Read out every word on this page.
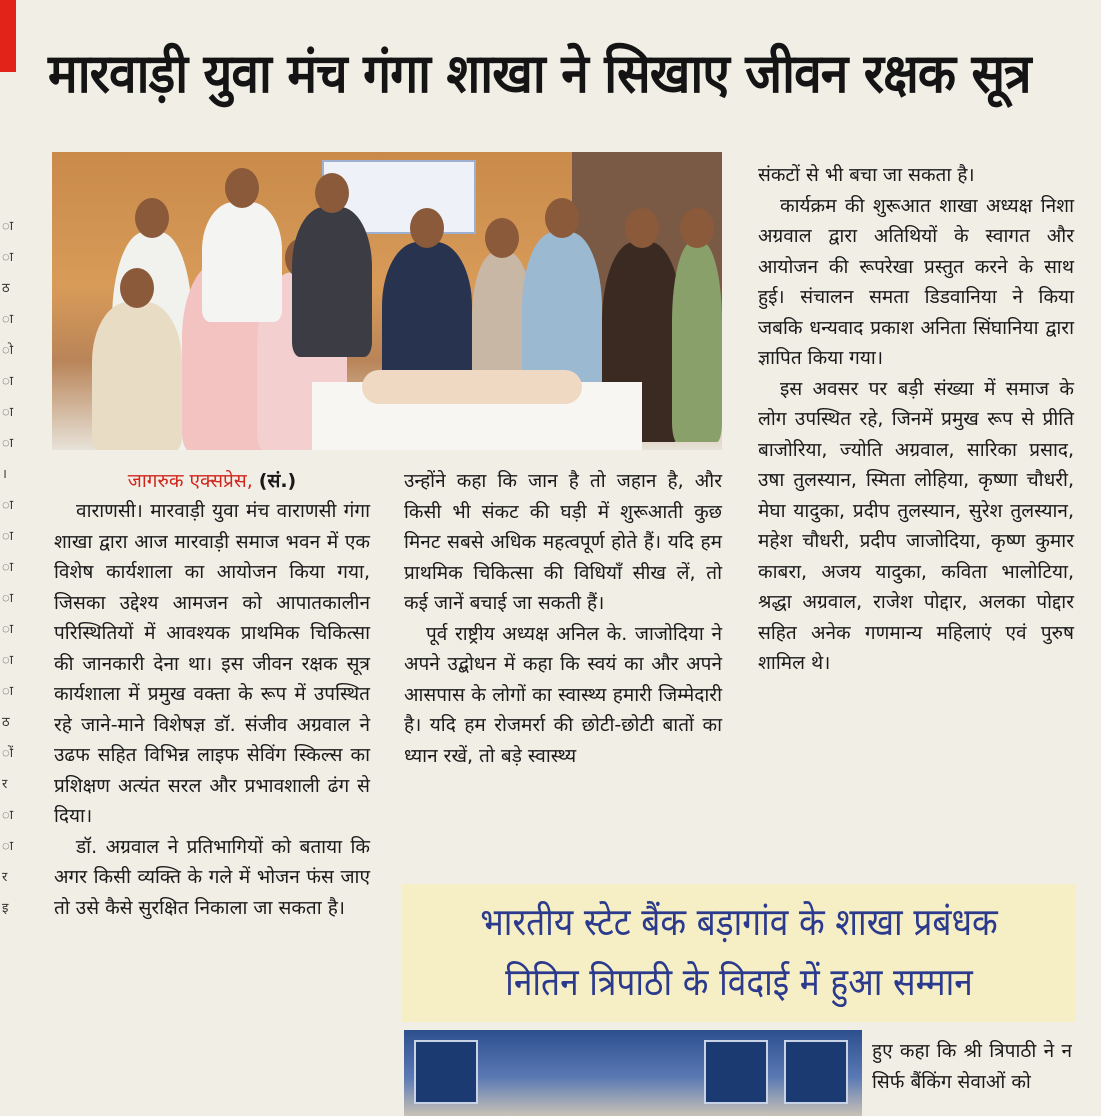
ा
ा
ठ
ा
ो
ा
ा
ा
।
ा
ा
ा
ा
ा
ा
ा
ठ
ों
र
ा
ा
र
इ
मारवाड़ी युवा मंच गंगा शाखा ने सिखाए जीवन रक्षक सूत्र

जागरुक एक्सप्रेस, (सं.)

वाराणसी। मारवाड़ी युवा मंच वाराणसी गंगा शाखा द्वारा आज मारवाड़ी समाज भवन में एक विशेष कार्यशाला का आयोजन किया गया, जिसका उद्देश्य आमजन को आपातकालीन परिस्थितियों में आवश्यक प्राथमिक चिकित्सा की जानकारी देना था। इस जीवन रक्षक सूत्र कार्यशाला में प्रमुख वक्ता के रूप में उपस्थित रहे जाने-माने विशेषज्ञ डॉ. संजीव अग्रवाल ने उढफ सहित विभिन्न लाइफ सेविंग स्किल्स का प्रशिक्षण अत्यंत सरल और प्रभावशाली ढंग से दिया।

डॉ. अग्रवाल ने प्रतिभागियों को बताया कि अगर किसी व्यक्ति के गले में भोजन फंस जाए तो उसे कैसे सुरक्षित निकाला जा सकता है।

उन्होंने कहा कि जान है तो जहान है, और किसी भी संकट की घड़ी में शुरूआती कुछ मिनट सबसे अधिक महत्वपूर्ण होते हैं। यदि हम प्राथमिक चिकित्सा की विधियाँ सीख लें, तो कई जानें बचाई जा सकती हैं।

पूर्व राष्ट्रीय अध्यक्ष अनिल के. जाजोदिया ने अपने उद्बोधन में कहा कि स्वयं का और अपने आसपास के लोगों का स्वास्थ्य हमारी जिम्मेदारी है। यदि हम रोजमर्रा की छोटी-छोटी बातों का ध्यान रखें, तो बड़े स्वास्थ्य

संकटों से भी बचा जा सकता है।

कार्यक्रम की शुरूआत शाखा अध्यक्ष निशा अग्रवाल द्वारा अतिथियों के स्वागत और आयोजन की रूपरेखा प्रस्तुत करने के साथ हुई। संचालन समता डिडवानिया ने किया जबकि धन्यवाद प्रकाश अनिता सिंघानिया द्वारा ज्ञापित किया गया।

इस अवसर पर बड़ी संख्या में समाज के लोग उपस्थित रहे, जिनमें प्रमुख रूप से प्रीति बाजोरिया, ज्योति अग्रवाल, सारिका प्रसाद, उषा तुलस्यान, स्मिता लोहिया, कृष्णा चौधरी, मेघा यादुका, प्रदीप तुलस्यान, सुरेश तुलस्यान, महेश चौधरी, प्रदीप जाजोदिया, कृष्ण कुमार काबरा, अजय यादुका, कविता भालोटिया, श्रद्धा अग्रवाल, राजेश पोद्दार, अलका पोद्दार सहित अनेक गणमान्य महिलाएं एवं पुरुष शामिल थे।

भारतीय स्टेट बैंक बड़ागांव के शाखा प्रबंधक
नितिन त्रिपाठी के विदाई में हुआ सम्मान

हुए कहा कि श्री त्रिपाठी ने न सिर्फ बैंकिंग सेवाओं को
